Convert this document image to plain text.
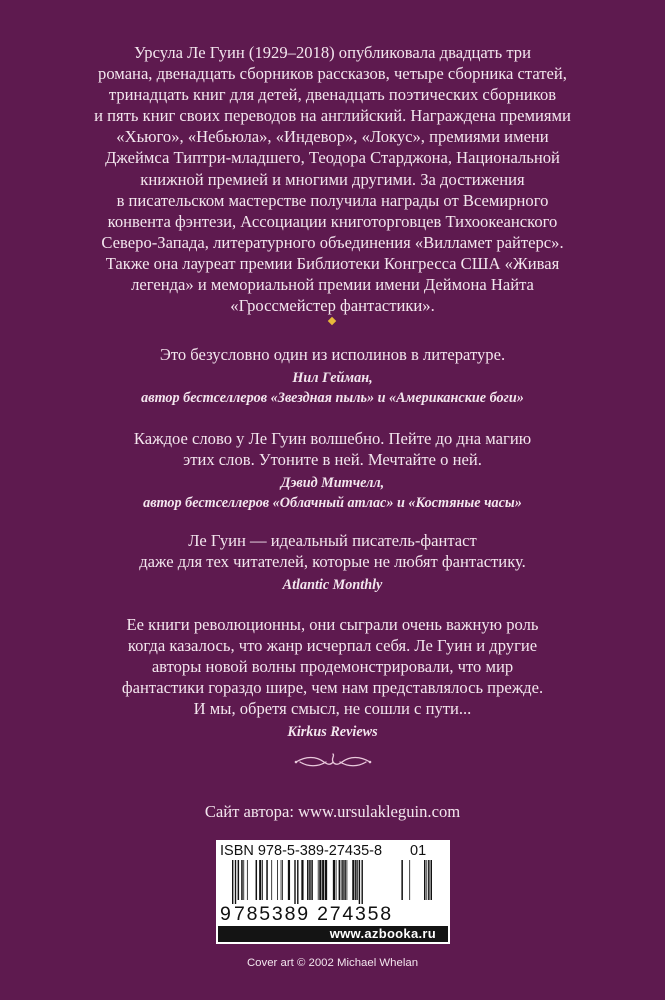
Урсула Ле Гуин (1929–2018) опубликовала двадцать три
романа, двенадцать сборников рассказов, четыре сборника статей,
тринадцать книг для детей, двенадцать поэтических сборников
и пять книг своих переводов на английский. Награждена премиями
«Хьюго», «Небьюла», «Индевор», «Локус», премиями имени
Джеймса Типтри-младшего, Теодора Старджона, Национальной
книжной премией и многими другими. За достижения
в писательском мастерстве получила награды от Всемирного
конвента фэнтези, Ассоциации книготорговцев Тихоокеанского
Северо-Запада, литературного объединения «Вилламет райтерс».
Также она лауреат премии Библиотеки Конгресса США «Живая
легенда» и мемориальной премии имени Деймона Найта
«Гроссмейстер фантастики».
Это безусловно один из исполинов в литературе.
Нил Гейман,
автор бестселлеров «Звездная пыль» и «Американские боги»
Каждое слово у Ле Гуин волшебно. Пейте до дна магию
этих слов. Утоните в ней. Мечтайте о ней.
Дэвид Митчелл,
автор бестселлеров «Облачный атлас» и «Костяные часы»
Ле Гуин — идеальный писатель-фантаст
даже для тех читателей, которые не любят фантастику.
Atlantic Monthly
Ее книги революционны, они сыграли очень важную роль
когда казалось, что жанр исчерпал себя. Ле Гуин и другие
авторы новой волны продемонстрировали, что мир
фантастики гораздо шире, чем нам представлялось прежде.
И мы, обретя смысл, не сошли с пути...
Kirkus Reviews
Сайт автора: www.ursulakleguin.com
ISBN 978-5-389-27435-8 01
9 785389 274358
www.azbooka.ru
Cover art © 2002 Michael Whelan
